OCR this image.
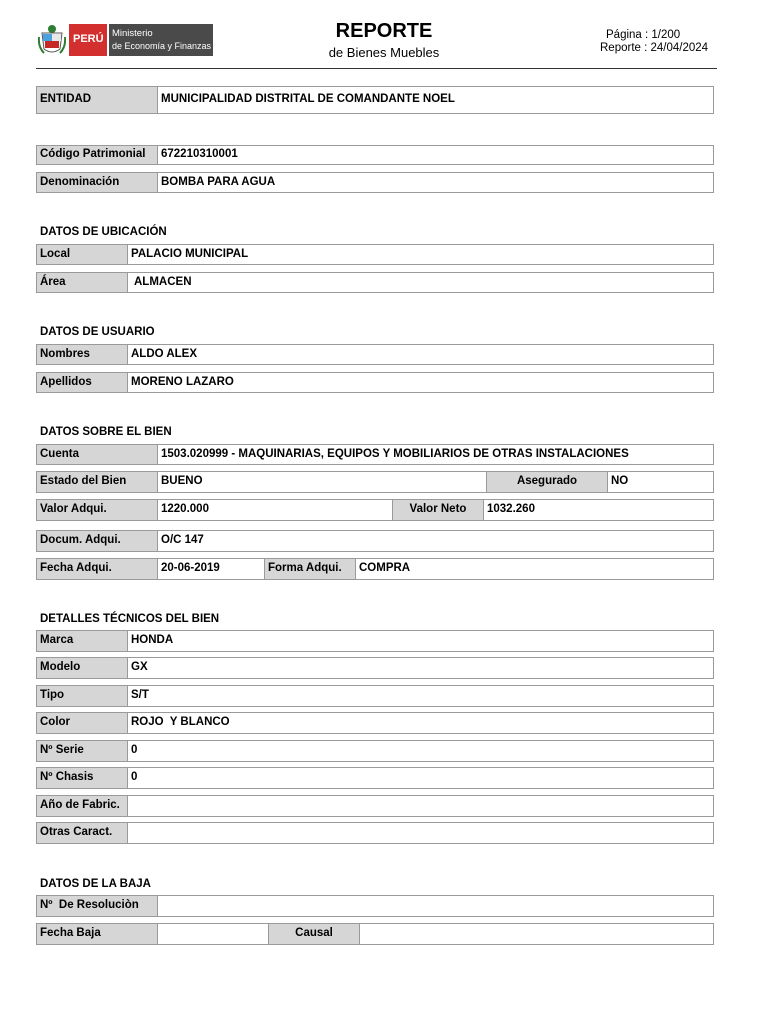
PERÚ Ministerio
de Economía y Finanzas
REPORTE
de Bienes Muebles
Página : 1/200
Reporte : 24/04/2024
ENTIDAD	MUNICIPALIDAD DISTRITAL DE COMANDANTE NOEL
Código Patrimonial	672210310001
Denominación	BOMBA PARA AGUA
DATOS DE UBICACIÓN
Local	PALACIO MUNICIPAL
Área	ALMACEN
DATOS DE USUARIO
Nombres	ALDO ALEX
Apellidos	MORENO LAZARO
DATOS SOBRE EL BIEN
Cuenta	1503.020999 - MAQUINARIAS, EQUIPOS Y MOBILIARIOS DE OTRAS INSTALACIONES
Estado del Bien	BUENO	Asegurado	NO
Valor Adqui.	1220.000	Valor Neto	1032.260
Docum. Adqui.	O/C 147
Fecha Adqui.	20-06-2019	Forma Adqui.	COMPRA
DETALLES TÉCNICOS DEL BIEN
Marca	HONDA
Modelo	GX
Tipo	S/T
Color	ROJO  Y BLANCO
Nº Serie	0
Nº Chasis	0
Año de Fabric.
Otras Caract.
DATOS DE LA BAJA
Nº  De Resoluciòn
Fecha Baja	Causal
